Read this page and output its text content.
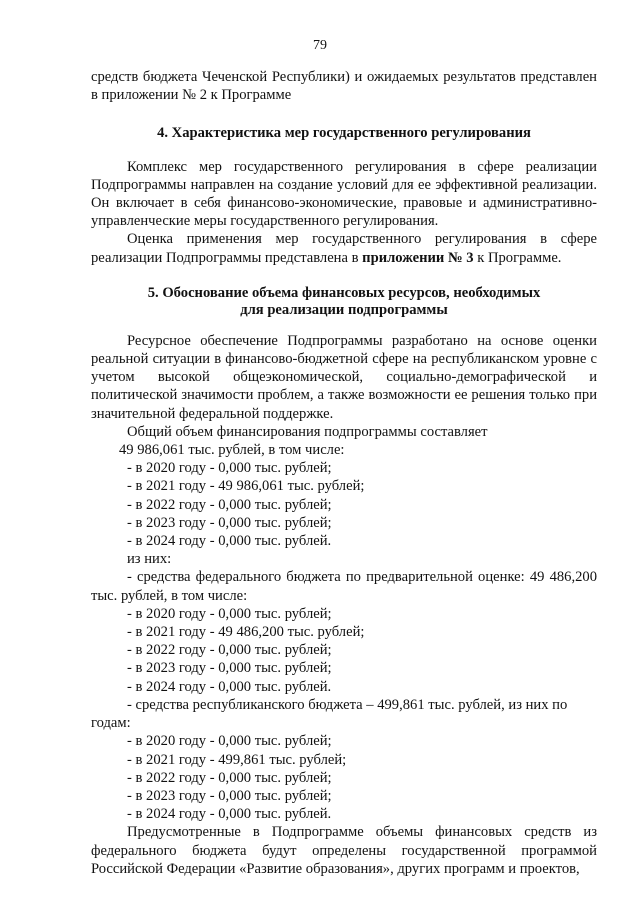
79

средств бюджета Чеченской Республики) и ожидаемых результатов представлен в приложении № 2 к Программе

4. Характеристика мер государственного регулирования

Комплекс мер государственного регулирования в сфере реализации Подпрограммы направлен на создание условий для ее эффективной реализации. Он включает в себя финансово-экономические, правовые и административно-управленческие меры государственного регулирования.

Оценка применения мер государственного регулирования в сфере реализации Подпрограммы представлена в приложении № 3 к Программе.

5. Обоснование объема финансовых ресурсов, необходимых
для реализации подпрограммы

Ресурсное обеспечение Подпрограммы разработано на основе оценки реальной ситуации в финансово-бюджетной сфере на республиканском уровне с учетом высокой общеэкономической, социально-демографической и политической значимости проблем, а также возможности ее решения только при значительной федеральной поддержке.

Общий объем финансирования подпрограммы составляет

49 986,061 тыс. рублей, в том числе:

- в 2020 году - 0,000 тыс. рублей;

- в 2021 году - 49 986,061 тыс. рублей;

- в 2022 году - 0,000 тыс. рублей;

- в 2023 году - 0,000 тыс. рублей;

- в 2024 году - 0,000 тыс. рублей.

из них:

- средства федерального бюджета по предварительной оценке: 49 486,200 тыс. рублей, в том числе:

- в 2020 году - 0,000 тыс. рублей;

- в 2021 году - 49 486,200 тыс. рублей;

- в 2022 году - 0,000 тыс. рублей;

- в 2023 году - 0,000 тыс. рублей;

- в 2024 году - 0,000 тыс. рублей.

- средства республиканского бюджета – 499,861 тыс. рублей, из них по годам:

- в 2020 году - 0,000 тыс. рублей;

- в 2021 году - 499,861 тыс. рублей;

- в 2022 году - 0,000 тыс. рублей;

- в 2023 году - 0,000 тыс. рублей;

- в 2024 году - 0,000 тыс. рублей.

Предусмотренные в Подпрограмме объемы финансовых средств из федерального бюджета будут определены государственной программой Российской Федерации «Развитие образования», других программ и проектов,
